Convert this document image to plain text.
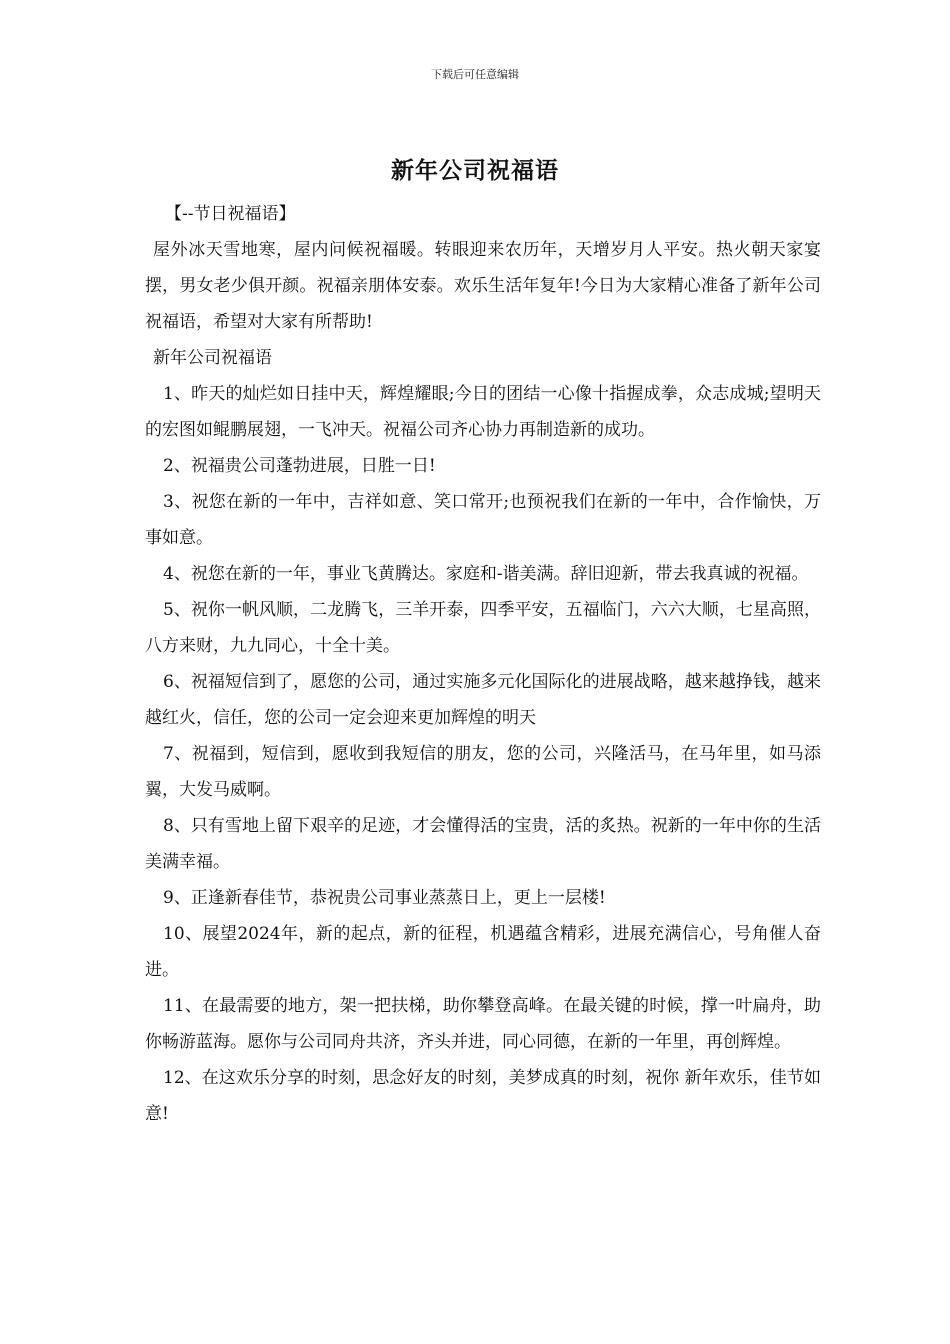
下载后可任意编辑
新年公司祝福语

【--节日祝福语】

屋外冰天雪地寒，屋内问候祝福暖。转眼迎来农历年，天增岁月人平安。热火朝天家宴摆，男女老少俱开颜。祝福亲朋体安泰。欢乐生活年复年!今日为大家精心准备了新年公司祝福语，希望对大家有所帮助!

新年公司祝福语

1、昨天的灿烂如日挂中天，辉煌耀眼;今日的团结一心像十指握成拳，众志成城;望明天的宏图如鲲鹏展翅，一飞冲天。祝福公司齐心协力再制造新的成功。

2、祝福贵公司蓬勃进展，日胜一日!

3、祝您在新的一年中，吉祥如意、笑口常开;也预祝我们在新的一年中，合作愉快，万事如意。

4、祝您在新的一年，事业飞黄腾达。家庭和-谐美满。辞旧迎新，带去我真诚的祝福。

5、祝你一帆风顺，二龙腾飞，三羊开泰，四季平安，五福临门，六六大顺，七星高照，八方来财，九九同心，十全十美。

6、祝福短信到了，愿您的公司，通过实施多元化国际化的进展战略，越来越挣钱，越来越红火，信任，您的公司一定会迎来更加辉煌的明天

7、祝福到，短信到，愿收到我短信的朋友，您的公司，兴隆活马，在马年里，如马添翼，大发马威啊。

8、只有雪地上留下艰辛的足迹，才会懂得活的宝贵，活的炙热。祝新的一年中你的生活美满幸福。

9、正逢新春佳节，恭祝贵公司事业蒸蒸日上，更上一层楼!

10、展望2024年，新的起点，新的征程，机遇蕴含精彩，进展充满信心，号角催人奋进。

11、在最需要的地方，架一把扶梯，助你攀登高峰。在最关键的时候，撑一叶扁舟，助你畅游蓝海。愿你与公司同舟共济，齐头并进，同心同德，在新的一年里，再创辉煌。

12、在这欢乐分享的时刻，思念好友的时刻，美梦成真的时刻，祝你 新年欢乐，佳节如意!
